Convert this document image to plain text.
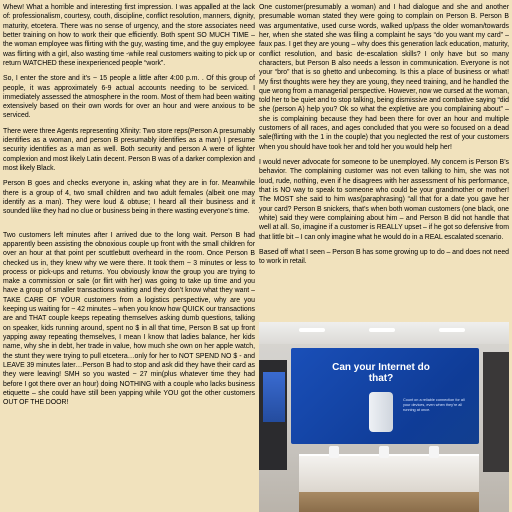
Whew! What a horrible and interesting first impression. I was appalled at the lack of: professionalism, courtesy, couth, discipline, conflict resolution, manners, dignity, maturity, etcetera. There was no sense of urgency, and the store associates need better training on how to work their que efficiently. Both spent SO MUCH TIME – the woman employee was flirting with the guy, wasting time, and the guy employee was flirting with a girl, also wasting time -while real customers waiting to pick up or return WATCHED these inexperienced people “work”.

So, I enter the store and it’s ~ 15 people a little after 4:00 p.m. . Of this group of people, it was approximately 6-9 actual accounts needing to be serviced. I immediately assessed the atmosphere in the room. Most of them had been waiting extensively based on their own words for over an hour and were anxious to be serviced.

There were three Agents representing Xfinity: Two store reps(Person A presumably identifies as a woman, and person B presumably identifies as a man) I presume security identifies as a man as well. Both security and person A were of lighter complexion and most likely Latin decent. Person B was of a darker complexion and most likely Black.

Person B goes and checks everyone in, asking what they are in for. Meanwhile there is a group of 4, two small children and two adult females (albeit one may identify as a man). They were loud & obtuse; I heard all their business and it sounded like they had no clue or business being in there wasting everyone’s time.

Two customers left minutes after I arrived due to the long wait. Person B had apparently been assisting the obnoxious couple up front with the small children for over an hour at that point per scuttlebutt overheard in the room. Once Person B checked us in, they knew why we were there. It took them ~ 3 minutes or less to process or pick-ups and returns. You obviously know the group you are trying to make a commission or sale (or flirt with her) was going to take up time and you have a group of smaller transactions waiting and they don’t know what they want – TAKE CARE OF YOUR customers from a logistics perspective, why are you keeping us waiting for ~ 42 minutes – when you know how QUICK our transactions are and THAT couple keeps repeating themselves asking dumb questions, talking on speaker, kids running around, spent no $ in all that time, Person B sat up front yapping away repeating themselves, I mean I know that ladies balance, her kids name, why she in debt, her trade in value, how much she own on her apple watch, the stunt they were trying to pull etcetera…only for her to NOT SPEND NO $ - and LEAVE 39 minutes later…Person B had to stop and ask did they have their card as they were leaving! SMH so you wasted ~ 27 min(plus whatever time they had before I got there over an hour) doing NOTHING with a couple who lacks business etiquette – she could have still been yapping while YOU got the other customers OUT OF THE DOOR!

One customer(presumably a woman) and I had dialogue and she and another presumable woman stated they were going to complain on Person B. Person B was argumentative, used curse words, walked up/pass the older woman/towards her, when she stated she was filing a complaint he says “do you want my card” – faux pas. I get they are young – why does this generation lack education, maturity, conflict resolution, and basic de-escalation skills? I only have but so many characters, but Person B also needs a lesson in communication. Everyone is not your “bro” that is so ghetto and unbecoming. Is this a place of business or what! My first thoughts were hey they are young, they need training, and he handled the que wrong from a managerial perspective. However, now we cursed at the woman, told her to be quiet and to stop talking, being dismissive and combative saying “did she (person A) help you? Ok so what the expletive are you complaining about” – she is complaining because they had been there for over an hour and multiple customers of all races, and ages concluded that you were so focused on a dead sale(flirting with the 1 in the couple) that you neglected the rest of your customers when you should have took her and told her you would help her!

I would never advocate for someone to be unemployed. My concern is Person B’s behavior. The complaining customer was not even talking to him, she was not loud, rude, nothing, even if he disagrees with her assessment of his performance, that is NO way to speak to someone who could be your grandmother or mother! The MOST she said to him was(paraphrasing) “all that for a date you gave her your card? Person B snickers, that’s when both woman customers (one black, one white) said they were complaining about him – and Person B did not handle that well at all. So, imagine if a customer is REALLY upset – if he got so defensive from that little bit – I can only imagine what he would do in a REAL escalated scenario.

Based off what I seen – Person B has some growing up to do – and does not need to work in retail.

Can your Internet do that?
Count on a reliable connection for all your devices, even when they’re all running at once.
